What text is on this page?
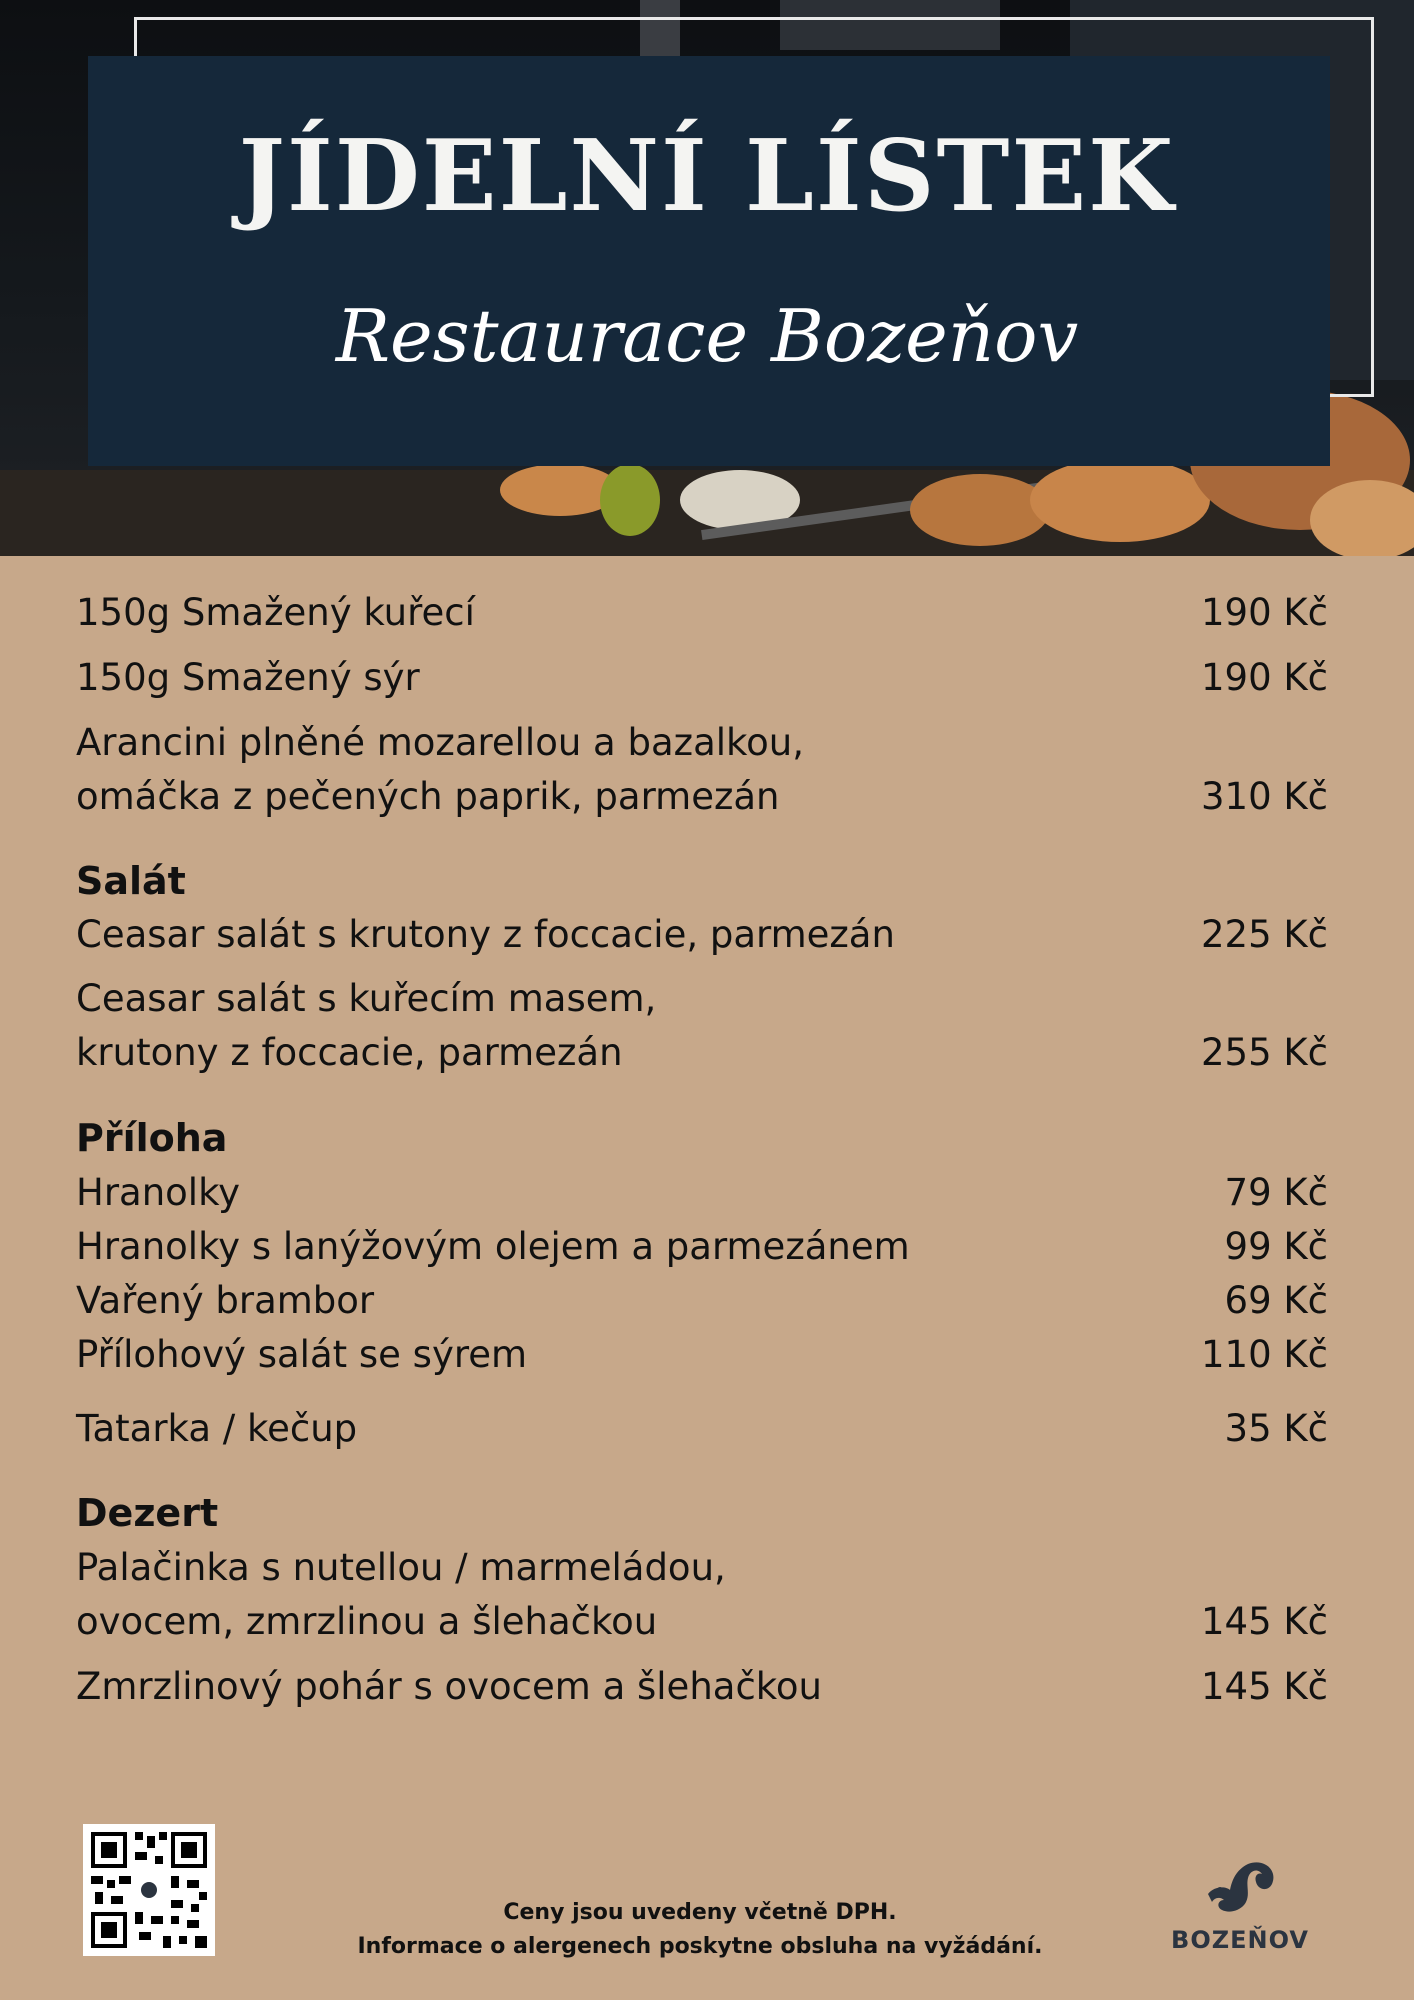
JÍDELNÍ LÍSTEK
Restaurace Bozeňov
150g Smažený kuřecí	190 Kč
150g Smažený sýr	190 Kč
Arancini plněné mozarellou a bazalkou,
omáčka z pečených paprik, parmezán	310 Kč
Salát
Ceasar salát s krutony z foccacie, parmezán	225 Kč
Ceasar salát s kuřecím masem,
krutony z foccacie, parmezán	255 Kč
Příloha
Hranolky	79 Kč
Hranolky s lanýžovým olejem a parmezánem	99 Kč
Vařený brambor	69 Kč
Přílohový salát se sýrem	110 Kč
Tatarka / kečup	35 Kč
Dezert
Palačinka s nutellou / marmeládou,
ovocem, zmrzlinou a šlehačkou	145 Kč
Zmrzlinový pohár s ovocem a šlehačkou	145 Kč
Ceny jsou uvedeny včetně DPH.
Informace o alergenech poskytne obsluha na vyžádání.	BOZEŇOV
